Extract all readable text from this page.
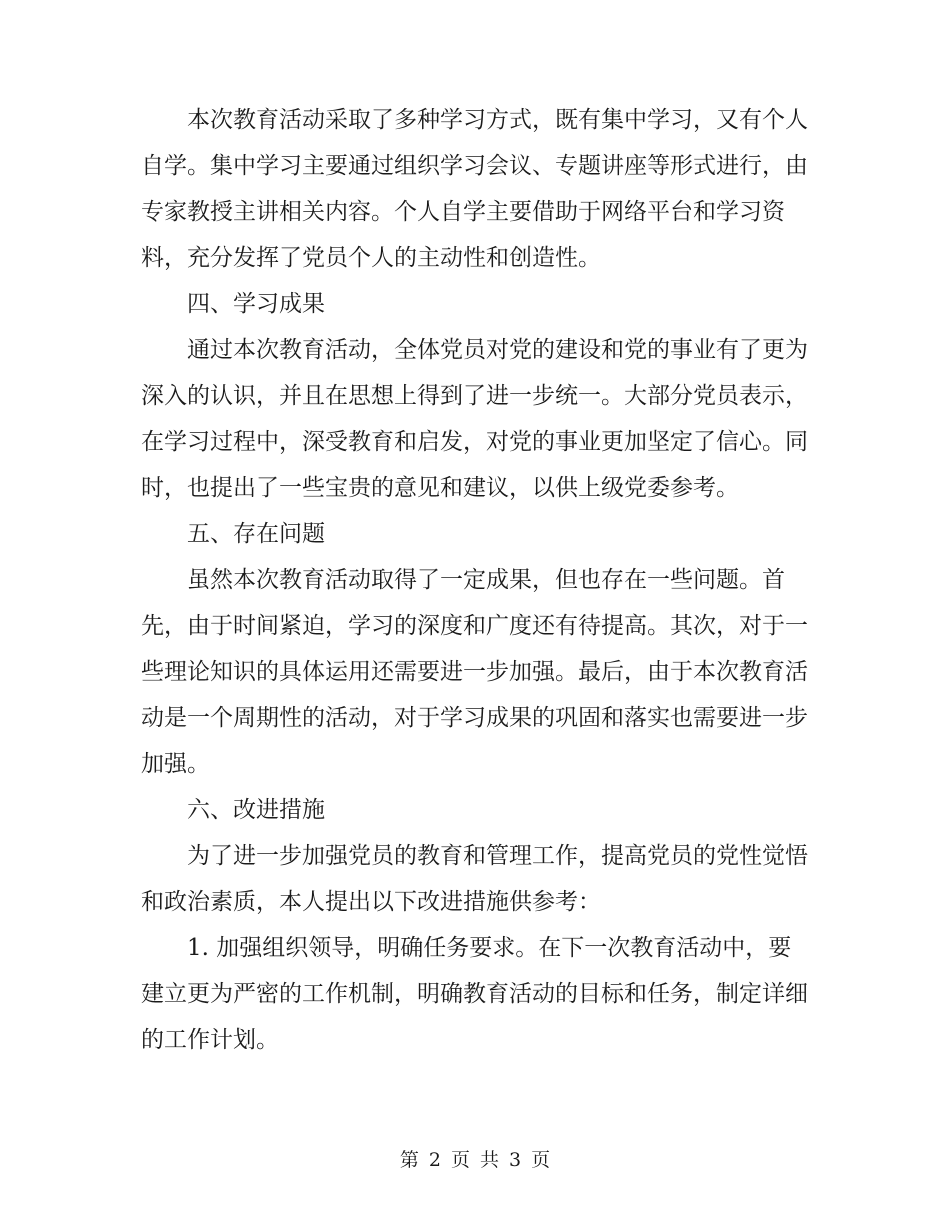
本次教育活动采取了多种学习方式，既有集中学习，又有个人自学。集中学习主要通过组织学习会议、专题讲座等形式进行，由专家教授主讲相关内容。个人自学主要借助于网络平台和学习资料，充分发挥了党员个人的主动性和创造性。

四、学习成果

通过本次教育活动，全体党员对党的建设和党的事业有了更为深入的认识，并且在思想上得到了进一步统一。大部分党员表示，在学习过程中，深受教育和启发，对党的事业更加坚定了信心。同时，也提出了一些宝贵的意见和建议，以供上级党委参考。

五、存在问题

虽然本次教育活动取得了一定成果，但也存在一些问题。首先，由于时间紧迫，学习的深度和广度还有待提高。其次，对于一些理论知识的具体运用还需要进一步加强。最后，由于本次教育活动是一个周期性的活动，对于学习成果的巩固和落实也需要进一步加强。

六、改进措施

为了进一步加强党员的教育和管理工作，提高党员的党性觉悟和政治素质，本人提出以下改进措施供参考：

1. 加强组织领导，明确任务要求。在下一次教育活动中，要建立更为严密的工作机制，明确教育活动的目标和任务，制定详细的工作计划。

第 2 页 共 3 页
